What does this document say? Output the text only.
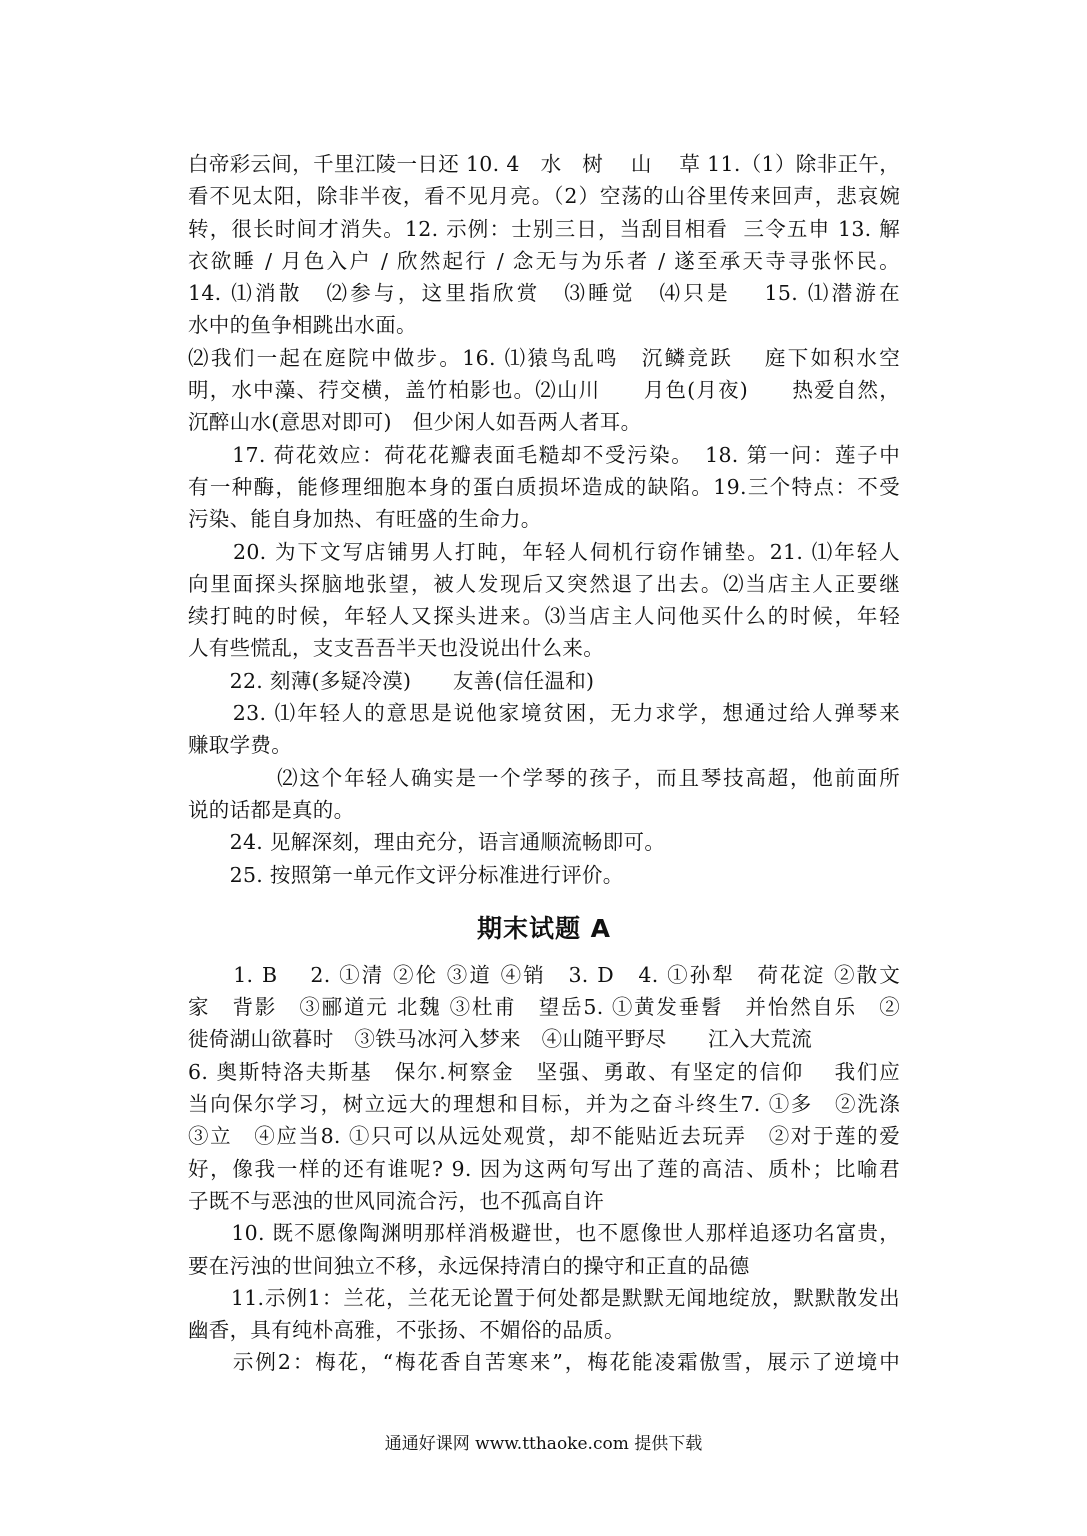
白帝彩云间，千里江陵一日还 10. 4　水　树　 山　 草 11.（1）除非正午，
看不见太阳，除非半夜，看不见月亮。（2）空荡的山谷里传来回声，悲哀婉
转，很长时间才消失。12. 示例：士别三日，当刮目相看  三令五申 13. 解
衣欲睡 / 月色入户 / 欣然起行 / 念无与为乐者 / 遂至承天寺寻张怀民。
14. ⑴消散　⑵参与，这里指欣赏　⑶睡觉　⑷只是　 15. ⑴潜游在
水中的鱼争相跳出水面。
⑵我们一起在庭院中做步。16. ⑴猿鸟乱鸣　沉鳞竞跃　 庭下如积水空
明，水中藻、荇交横，盖竹柏影也。⑵山川　　月色(月夜)　　热爱自然，
沉醉山水(意思对即可)　但少闲人如吾两人者耳。
　　17. 荷花效应：荷花花瓣表面毛糙却不受污染。　18. 第一问：莲子中
有一种酶，能修理细胞本身的蛋白质损坏造成的缺陷。19.三个特点：不受
污染、能自身加热、有旺盛的生命力。
　　20. 为下文写店铺男人打盹，年轻人伺机行窃作铺垫。21. ⑴年轻人
向里面探头探脑地张望，被人发现后又突然退了出去。⑵当店主人正要继
续打盹的时候，年轻人又探头进来。⑶当店主人问他买什么的时候，年轻
人有些慌乱，支支吾吾半天也没说出什么来。
　　22. 刻薄(多疑冷漠)　　友善(信任温和)
　　23. ⑴年轻人的意思是说他家境贫困，无力求学，想通过给人弹琴来
赚取学费。
　　　　⑵这个年轻人确实是一个学琴的孩子，而且琴技高超，他前面所
说的话都是真的。
　　24. 见解深刻，理由充分，语言通顺流畅即可。
　　25. 按照第一单元作文评分标准进行评价。
期末试题 A
　　1. B　 2. ①清 ②伦 ③道 ④销　3. D　4. ①孙犁　荷花淀 ②散文
家　背影　③郦道元 北魏 ③杜甫　望岳5. ①黄发垂髫　并怡然自乐　②
徙倚湖山欲暮时　③铁马冰河入梦来　④山随平野尽　　江入大荒流
6. 奥斯特洛夫斯基　保尔.柯察金　坚强、勇敢、有坚定的信仰　 我们应
当向保尔学习，树立远大的理想和目标，并为之奋斗终生7. ①多　②洗涤
③立　④应当8. ①只可以从远处观赏，却不能贴近去玩弄　②对于莲的爱
好，像我一样的还有谁呢? 9. 因为这两句写出了莲的高洁、质朴；比喻君
子既不与恶浊的世风同流合污，也不孤高自许
　　10. 既不愿像陶渊明那样消极避世，也不愿像世人那样追逐功名富贵，
要在污浊的世间独立不移，永远保持清白的操守和正直的品德
　　11.示例1：兰花，兰花无论置于何处都是默默无闻地绽放，默默散发出
幽香，具有纯朴高雅，不张扬、不媚俗的品质。
　　示例2：梅花，“梅花香自苦寒来”，梅花能凌霜傲雪，展示了逆境中
通通好课网 www.tthaoke.com 提供下载
